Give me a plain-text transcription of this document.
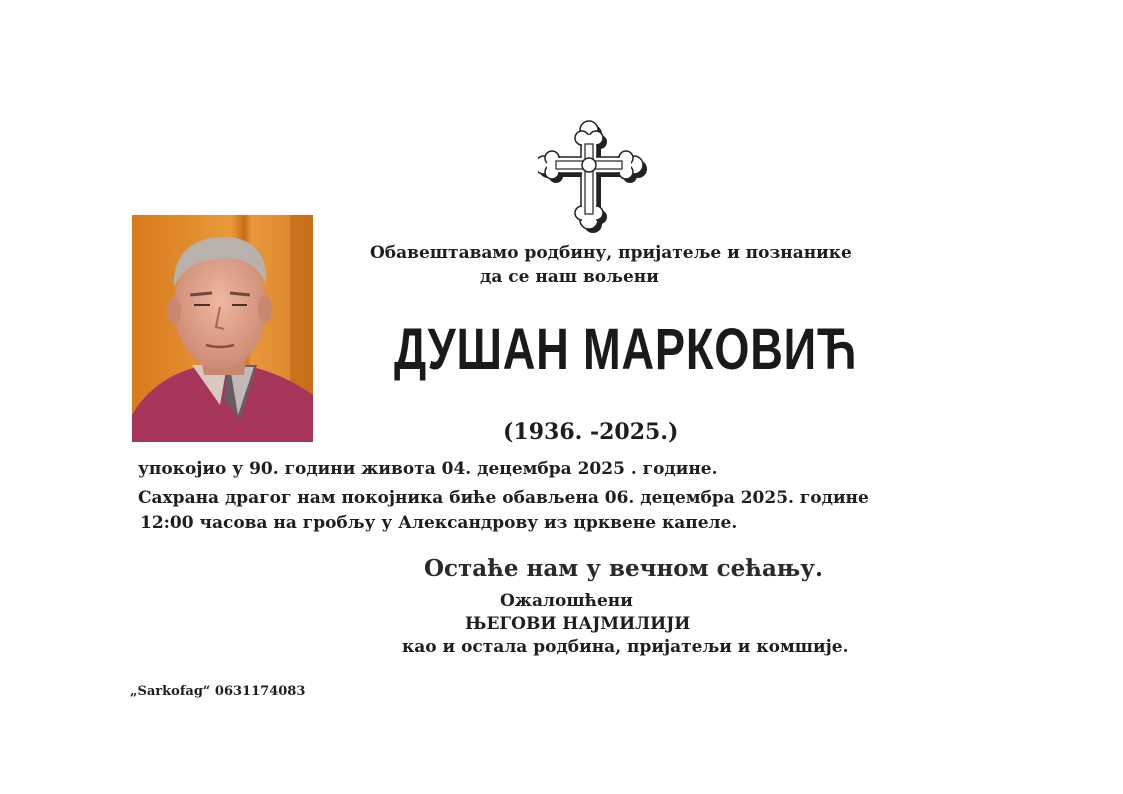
Обавештавамо родбину, пријатеље и познанике
да се наш вољени
ДУШАН МАРКОВИЋ
(1936. -2025.)
упокојио у 90. години живота 04. децембра 2025 . године.
Сахрана драгог нам покојника биће обављена 06. децембра 2025. године
12:00 часова на гробљу у Александрову из црквене капеле.
Остаће нам у вечном сећању.
Ожалошћени
ЊЕГОВИ НАЈМИЛИЈИ
као и остала родбина, пријатељи и комшије.
„Sarkofag“ 0631174083
